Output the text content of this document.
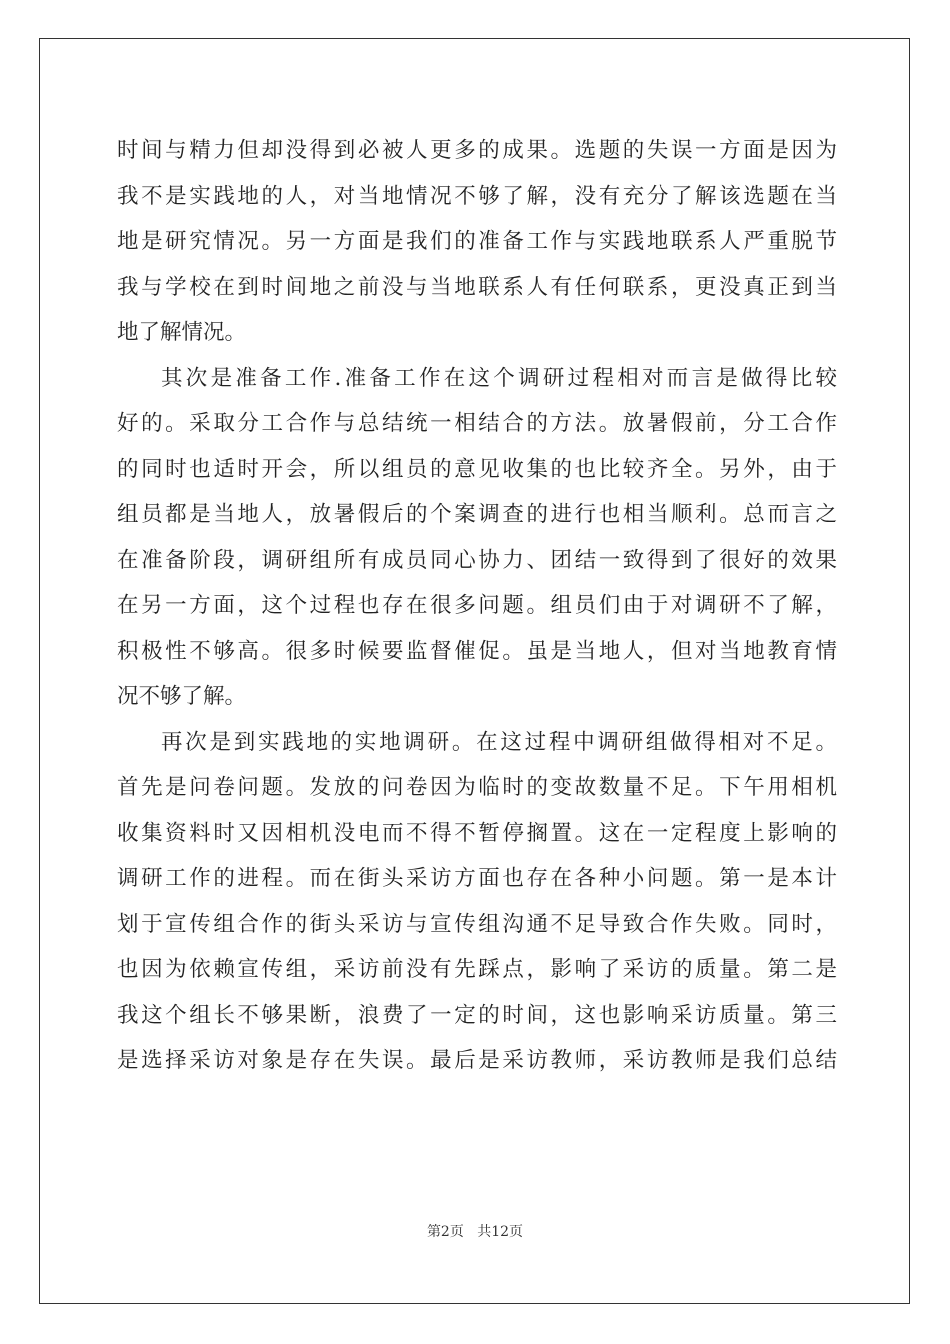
时间与精力但却没得到必被人更多的成果。选题的失误一方面是因为
我不是实践地的人，对当地情况不够了解，没有充分了解该选题在当
地是研究情况。另一方面是我们的准备工作与实践地联系人严重脱节
我与学校在到时间地之前没与当地联系人有任何联系，更没真正到当
地了解情况。
其次是准备工作.准备工作在这个调研过程相对而言是做得比较
好的。采取分工合作与总结统一相结合的方法。放暑假前，分工合作
的同时也适时开会，所以组员的意见收集的也比较齐全。另外，由于
组员都是当地人，放暑假后的个案调查的进行也相当顺利。总而言之
在准备阶段，调研组所有成员同心协力、团结一致得到了很好的效果
在另一方面，这个过程也存在很多问题。组员们由于对调研不了解，
积极性不够高。很多时候要监督催促。虽是当地人，但对当地教育情
况不够了解。
再次是到实践地的实地调研。在这过程中调研组做得相对不足。
首先是问卷问题。发放的问卷因为临时的变故数量不足。下午用相机
收集资料时又因相机没电而不得不暂停搁置。这在一定程度上影响的
调研工作的进程。而在街头采访方面也存在各种小问题。第一是本计
划于宣传组合作的街头采访与宣传组沟通不足导致合作失败。同时，
也因为依赖宣传组，采访前没有先踩点，影响了采访的质量。第二是
我这个组长不够果断，浪费了一定的时间，这也影响采访质量。第三
是选择采访对象是存在失误。最后是采访教师，采访教师是我们总结
第2页 共12页
